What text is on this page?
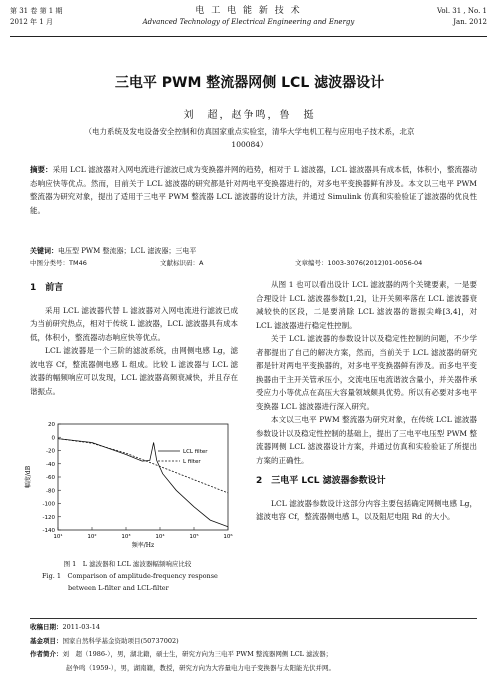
第 31 卷 第 1 期
2012 年 1 月
电 工 电 能 新 技 术
Advanced Technology of Electrical Engineering and Energy
Vol. 31 , No. 1
Jan. 2012
三电平 PWM 整流器网侧 LCL 滤波器设计
刘　超，赵争鸣，鲁　挺
（电力系统及发电设备安全控制和仿真国家重点实验室，清华大学电机工程与应用电子技术系，北京 100084）
摘要：采用 LCL 滤波器对入网电流进行滤波已成为变换器并网的趋势，相对于 L 滤波器，LCL 滤波器具有成本低，体积小，整流器动态响应快等优点。然而，目前关于 LCL 滤波器的研究都是针对两电平变换器进行的，对多电平变换器鲜有涉及。本文以三电平 PWM 整流器为研究对象，提出了适用于三电平 PWM 整流器 LCL 滤波器的设计方法，并通过 Simulink 仿真和实验验证了滤波器的优良性能。
关键词：电压型 PWM 整流器；LCL 滤波器；三电平
中图分类号：TM46	文献标识码：A	文章编号：1003-3076(2012)01-0056-04
1　前言

采用 LCL 滤波器代替 L 滤波器对入网电流进行滤波已成为当前研究热点，相对于传统 L 滤波器，LCL 滤波器具有成本低，体积小，整流器动态响应快等优点。

LCL 滤波器是一个三阶的滤波系统，由网侧电感 Lg，滤波电容 Cf，整流器侧电感 L 组成。比较 L 滤波器与 LCL 滤波器的幅频响应可以发现，LCL 滤波器高频衰减快，并且存在谐振点。

20
0
-20
-40
-60
-80
-100
-120
-140
10¹	10²	10³	10⁴	10⁵	10⁶
频率/Hz
幅度/dB
LCL filter
L filter
图 1　L 滤波器和 LCL 滤波器幅频响应比较
Fig. 1　Comparison of amplitude-frequency response
between L-filter and LCL-filter

从图 1 也可以看出设计 LCL 滤波器的两个关键要素，一是要合理设计 LCL 滤波器参数[1,2]，让开关频率落在 LCL 滤波器衰减较快的区段，二是要消除 LCL 滤波器的谐振尖峰[3,4]，对 LCL 滤波器进行稳定性控制。

关于 LCL 滤波器的参数设计以及稳定性控制的问题，不少学者都提出了自己的解决方案，然而，当前关于 LCL 滤波器的研究都是针对两电平变换器的，对多电平变换器鲜有涉及。而多电平变换器由于主开关管承压小，交流电压电流谐波含量小，并关器件承受应力小等优点在高压大容量领域颇具优势。所以有必要对多电平变换器 LCL 滤波器进行深入研究。

本文以三电平 PWM 整流器为研究对象，在传统 LCL 滤波器参数设计以及稳定性控制的基础上，提出了三电平电压型 PWM 整流器网侧 LCL 滤波器设计方案，并通过仿真和实验验证了所提出方案的正确性。

2　三电平 LCL 滤波器参数设计

LCL 滤波器参数设计这部分内容主要包括确定网侧电感 Lg，滤波电容 Cf，整流器侧电感 L，以及阻尼电阻 Rd 的大小。

收稿日期：2011-03-14
基金项目：国家自然科学基金资助项目(50737002)
作者简介：刘　超（1986-），男，湖北籍，硕士生，研究方向为三电平 PWM 整流器网侧 LCL 滤波器；
赵争鸣（1959-），男，湖南籍，教授，研究方向为大容量电力电子变换器与太阳能光伏并网。
